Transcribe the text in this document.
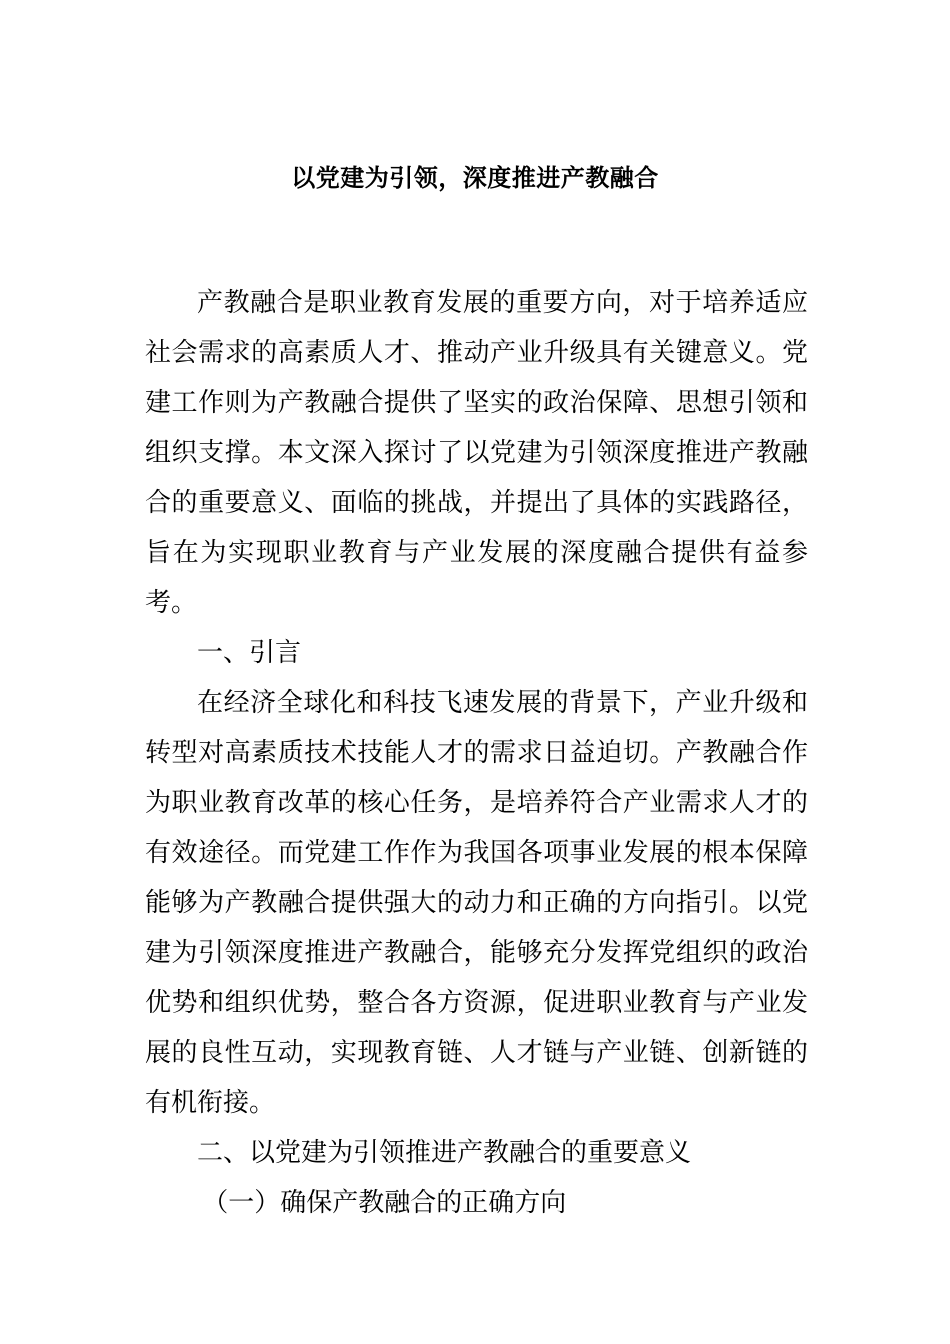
以党建为引领，深度推进产教融合

产教融合是职业教育发展的重要方向，对于培养适应社会需求的高素质人才、推动产业升级具有关键意义。党建工作则为产教融合提供了坚实的政治保障、思想引领和组织支撑。本文深入探讨了以党建为引领深度推进产教融合的重要意义、面临的挑战，并提出了具体的实践路径，旨在为实现职业教育与产业发展的深度融合提供有益参考。

一、引言

在经济全球化和科技飞速发展的背景下，产业升级和转型对高素质技术技能人才的需求日益迫切。产教融合作为职业教育改革的核心任务，是培养符合产业需求人才的有效途径。而党建工作作为我国各项事业发展的根本保障能够为产教融合提供强大的动力和正确的方向指引。以党建为引领深度推进产教融合，能够充分发挥党组织的政治优势和组织优势，整合各方资源，促进职业教育与产业发展的良性互动，实现教育链、人才链与产业链、创新链的有机衔接。

二、以党建为引领推进产教融合的重要意义

（一）确保产教融合的正确方向
